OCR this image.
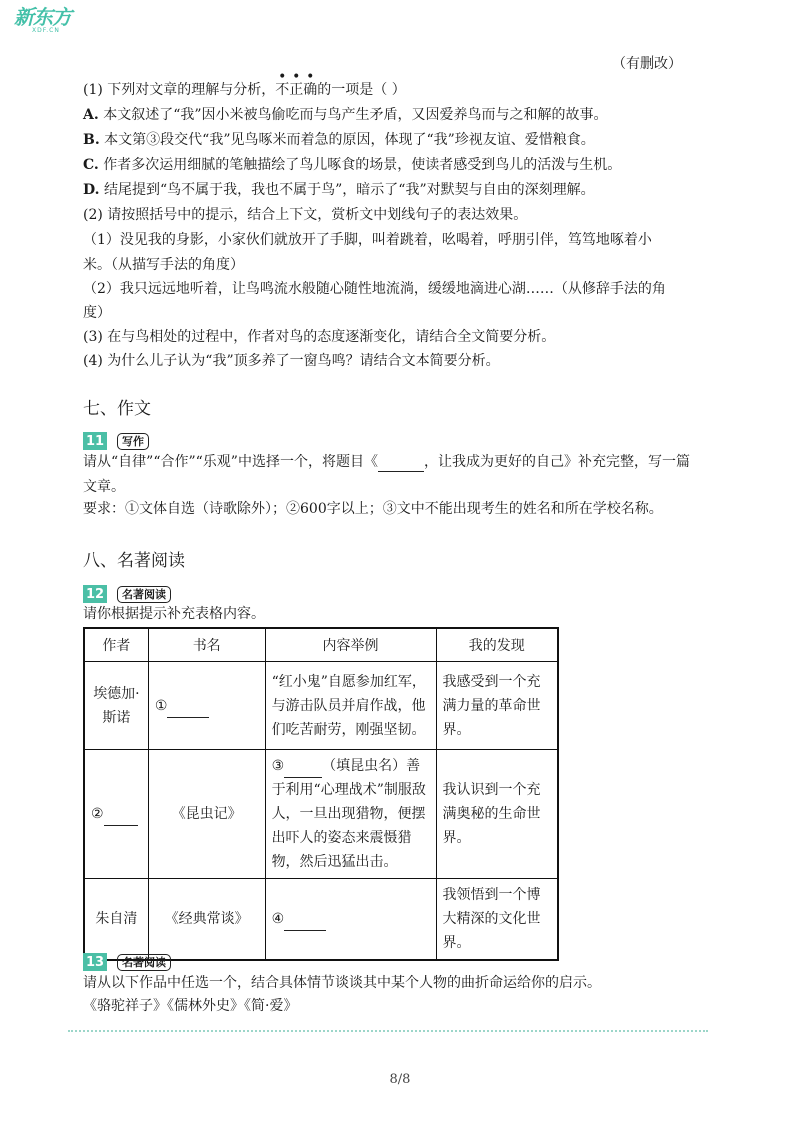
新东方
XDF.CN
（有删改）
(1) 下列对文章的理解与分析，不正确的一项是（ ）
A. 本文叙述了“我”因小米被鸟偷吃而与鸟产生矛盾，又因爱养鸟而与之和解的故事。
B. 本文第③段交代“我”见鸟啄米而着急的原因，体现了“我”珍视友谊、爱惜粮食。
C. 作者多次运用细腻的笔触描绘了鸟儿啄食的场景，使读者感受到鸟儿的活泼与生机。
D. 结尾提到“鸟不属于我，我也不属于鸟”，暗示了“我”对默契与自由的深刻理解。
(2) 请按照括号中的提示，结合上下文，赏析文中划线句子的表达效果。
（1）没见我的身影，小家伙们就放开了手脚，叫着跳着，吆喝着，呼朋引伴，笃笃地啄着小
米。（从描写手法的角度）
（2）我只远远地听着，让鸟鸣流水般随心随性地流淌，缓缓地滴进心湖……（从修辞手法的角
度）
(3) 在与鸟相处的过程中，作者对鸟的态度逐渐变化，请结合全文简要分析。
(4) 为什么儿子认为“我”顶多养了一窗鸟鸣？请结合文本简要分析。
七、作文
11	写作
请从“自律”“合作”“乐观”中选择一个，将题目《	，让我成为更好的自己》补充完整，写一篇
文章。
要求：①文体自选（诗歌除外）；②600字以上；③文中不能出现考生的姓名和所在学校名称。
八、名著阅读
12	名著阅读
请你根据提示补充表格内容。
作者	书名	内容举例	我的发现
埃德加·斯诺	①	“红小鬼”自愿参加红军，与游击队员并肩作战，他们吃苦耐劳，刚强坚韧。	我感受到一个充满力量的革命世界。
②	《昆虫记》	③ （填昆虫名）善于利用“心理战术”制服敌人，一旦出现猎物，便摆出吓人的姿态来震慑猎物，然后迅猛出击。	我认识到一个充满奥秘的生命世界。
朱自清	《经典常谈》	④	我领悟到一个博大精深的文化世界。
13	名著阅读
请从以下作品中任选一个，结合具体情节谈谈其中某个人物的曲折命运给你的启示。
《骆驼祥子》《儒林外史》《简·爱》
8/8
